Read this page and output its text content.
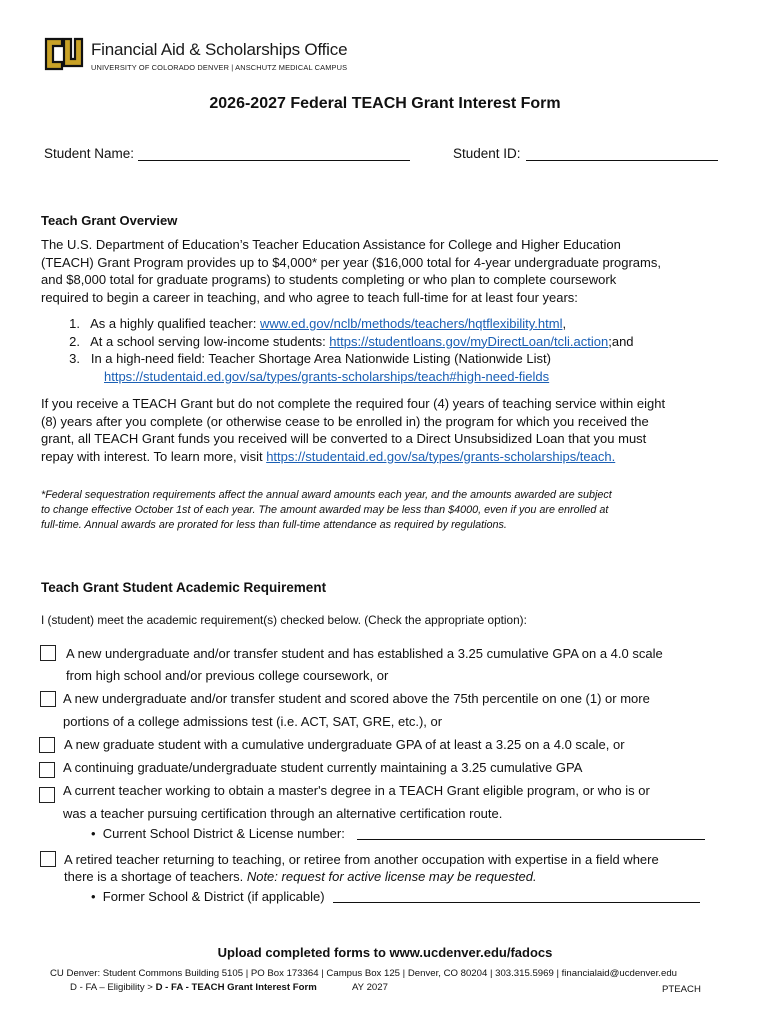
Financial Aid & Scholarships Office
UNIVERSITY OF COLORADO DENVER | ANSCHUTZ MEDICAL CAMPUS
2026-2027 Federal TEACH Grant Interest Form
Student Name:	Student ID:
Teach Grant Overview
The U.S. Department of Education’s Teacher Education Assistance for College and Higher Education
(TEACH) Grant Program provides up to $4,000* per year ($16,000 total for 4-year undergraduate programs,
and $8,000 total for graduate programs) to students completing or who plan to complete coursework
required to begin a career in teaching, and who agree to teach full-time for at least four years:
1. As a highly qualified teacher: www.ed.gov/nclb/methods/teachers/hqtflexibility.html,
2. At a school serving low-income students: https://studentloans.gov/myDirectLoan/tcli.action;and
3. In a high-need field: Teacher Shortage Area Nationwide Listing (Nationwide List)
https://studentaid.ed.gov/sa/types/grants-scholarships/teach#high-need-fields
If you receive a TEACH Grant but do not complete the required four (4) years of teaching service within eight
(8) years after you complete (or otherwise cease to be enrolled in) the program for which you received the
grant, all TEACH Grant funds you received will be converted to a Direct Unsubsidized Loan that you must
repay with interest. To learn more, visit https://studentaid.ed.gov/sa/types/grants-scholarships/teach.
*Federal sequestration requirements affect the annual award amounts each year, and the amounts awarded are subject
to change effective October 1st of each year. The amount awarded may be less than $4000, even if you are enrolled at
full-time. Annual awards are prorated for less than full-time attendance as required by regulations.
Teach Grant Student Academic Requirement
I (student) meet the academic requirement(s) checked below. (Check the appropriate option):
A new undergraduate and/or transfer student and has established a 3.25 cumulative GPA on a 4.0 scale
from high school and/or previous college coursework, or
A new undergraduate and/or transfer student and scored above the 75th percentile on one (1) or more
portions of a college admissions test (i.e. ACT, SAT, GRE, etc.), or
A new graduate student with a cumulative undergraduate GPA of at least a 3.25 on a 4.0 scale, or
A continuing graduate/undergraduate student currently maintaining a 3.25 cumulative GPA
A current teacher working to obtain a master's degree in a TEACH Grant eligible program, or who is or
was a teacher pursuing certification through an alternative certification route.
•  Current School District & License number:
A retired teacher returning to teaching, or retiree from another occupation with expertise in a field where
there is a shortage of teachers. Note: request for active license may be requested.
•  Former School & District (if applicable)
Upload completed forms to www.ucdenver.edu/fadocs
CU Denver: Student Commons Building 5105 | PO Box 173364 | Campus Box 125 | Denver, CO 80204 | 303.315.5969 | financialaid@ucdenver.edu
D - FA – Eligibility > D - FA - TEACH Grant Interest Form	AY 2027	PTEACH
